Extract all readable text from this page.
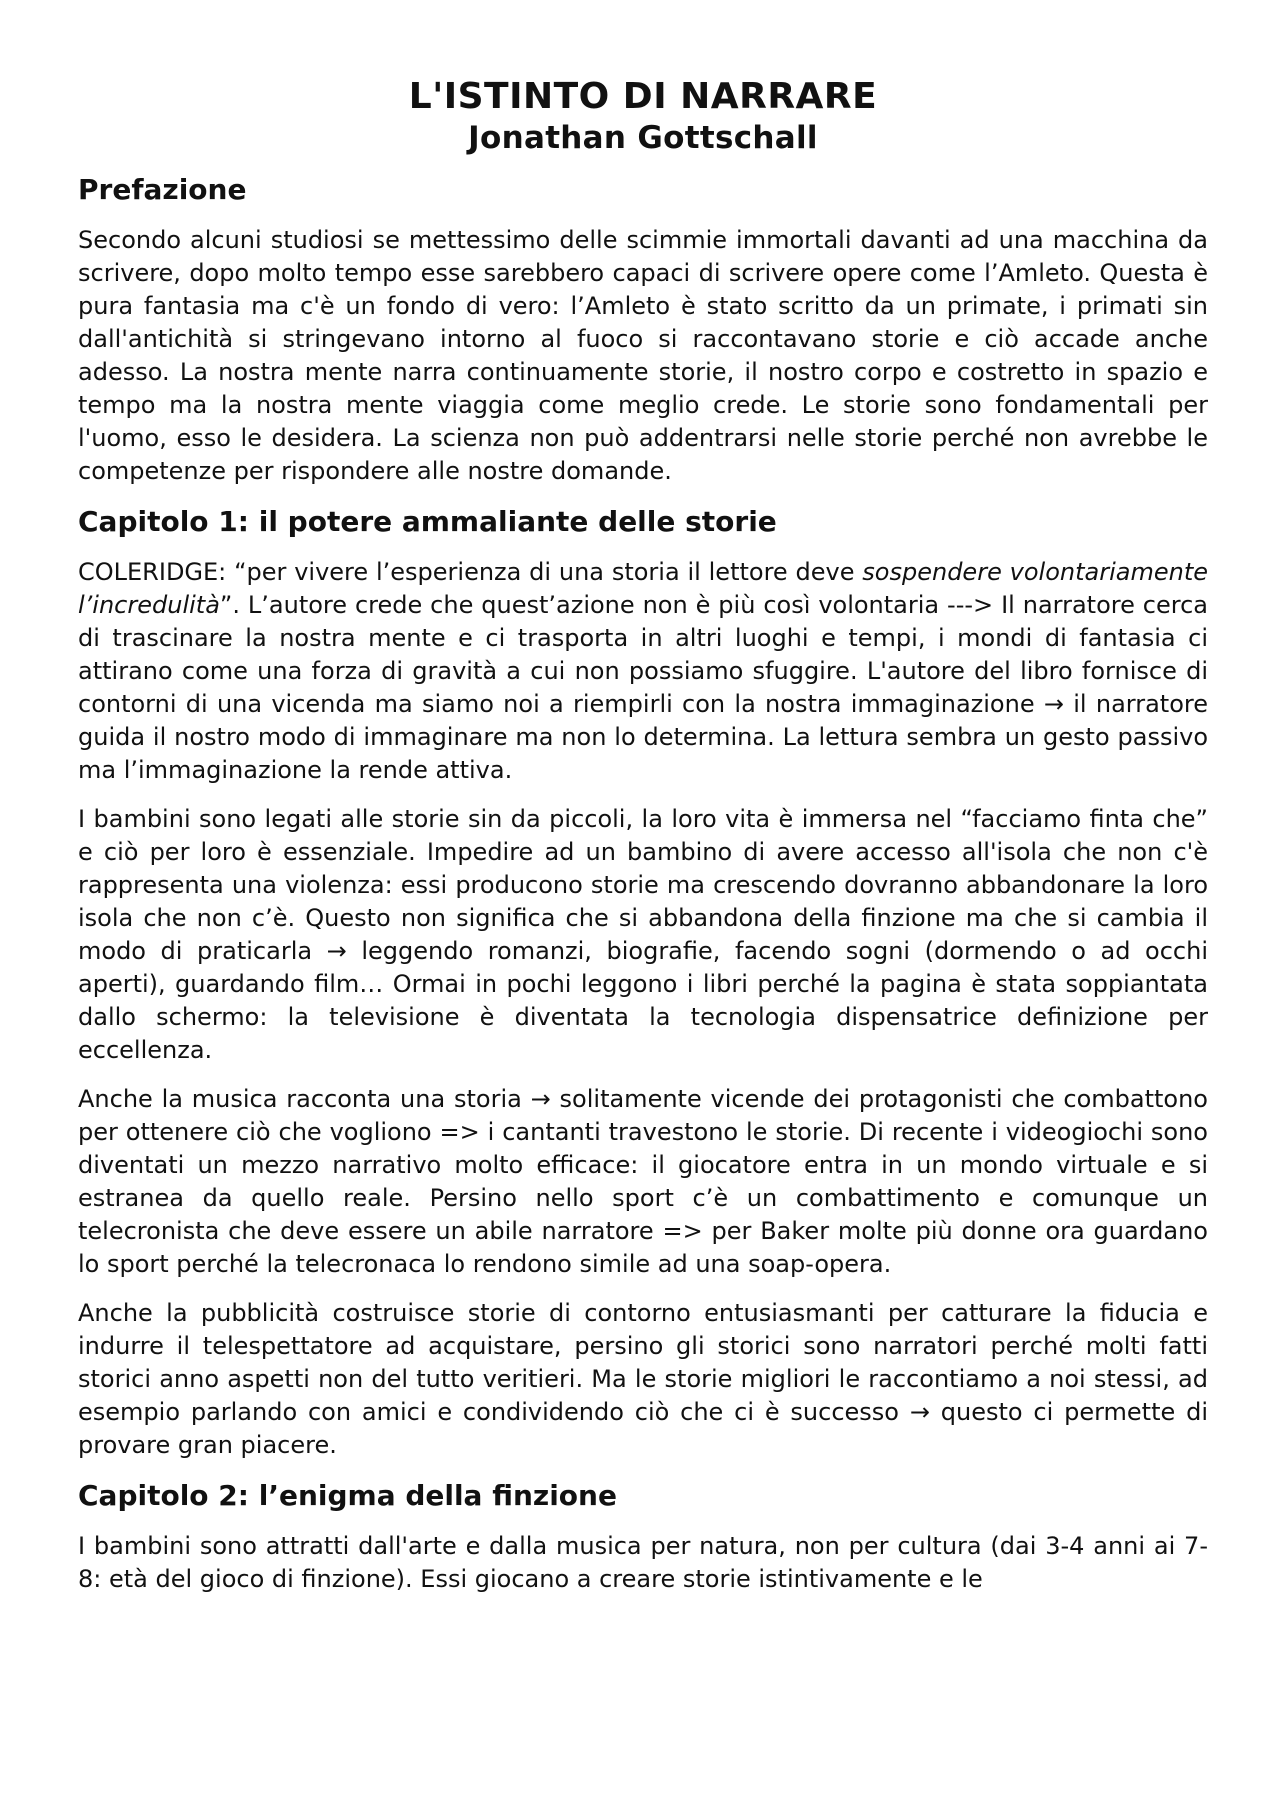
L'ISTINTO DI NARRARE
Jonathan Gottschall
Prefazione

Secondo alcuni studiosi se mettessimo delle scimmie immortali davanti ad una macchina da scrivere, dopo molto tempo esse sarebbero capaci di scrivere opere come l’Amleto. Questa è pura fantasia ma c'è un fondo di vero: l’Amleto è stato scritto da un primate, i primati sin dall'antichità si stringevano intorno al fuoco si raccontavano storie e ciò accade anche adesso. La nostra mente narra continuamente storie, il nostro corpo e costretto in spazio e tempo ma la nostra mente viaggia come meglio crede. Le storie sono fondamentali per l'uomo, esso le desidera. La scienza non può addentrarsi nelle storie perché non avrebbe le competenze per rispondere alle nostre domande.

Capitolo 1: il potere ammaliante delle storie

COLERIDGE: “per vivere l’esperienza di una storia il lettore deve sospendere volontariamente l’incredulità”. L’autore crede che quest’azione non è più così volontaria ---> Il narratore cerca di trascinare la nostra mente e ci trasporta in altri luoghi e tempi, i mondi di fantasia ci attirano come una forza di gravità a cui non possiamo sfuggire. L'autore del libro fornisce di contorni di una vicenda ma siamo noi a riempirli con la nostra immaginazione → il narratore guida il nostro modo di immaginare ma non lo determina. La lettura sembra un gesto passivo ma l’immaginazione la rende attiva.

I bambini sono legati alle storie sin da piccoli, la loro vita è immersa nel “facciamo finta che” e ciò per loro è essenziale. Impedire ad un bambino di avere accesso all'isola che non c'è rappresenta una violenza: essi producono storie ma crescendo dovranno abbandonare la loro isola che non c’è. Questo non significa che si abbandona della finzione ma che si cambia il modo di praticarla → leggendo romanzi, biografie, facendo sogni (dormendo o ad occhi aperti), guardando film… Ormai in pochi leggono i libri perché la pagina è stata soppiantata dallo schermo: la televisione è diventata la tecnologia dispensatrice definizione per eccellenza.

Anche la musica racconta una storia → solitamente vicende dei protagonisti che combattono per ottenere ciò che vogliono => i cantanti travestono le storie. Di recente i videogiochi sono diventati un mezzo narrativo molto efficace: il giocatore entra in un mondo virtuale e si estranea da quello reale. Persino nello sport c’è un combattimento e comunque un telecronista che deve essere un abile narratore => per Baker molte più donne ora guardano lo sport perché la telecronaca lo rendono simile ad una soap-opera.

Anche la pubblicità costruisce storie di contorno entusiasmanti per catturare la fiducia e indurre il telespettatore ad acquistare, persino gli storici sono narratori perché molti fatti storici anno aspetti non del tutto veritieri. Ma le storie migliori le raccontiamo a noi stessi, ad esempio parlando con amici e condividendo ciò che ci è successo → questo ci permette di provare gran piacere.

Capitolo 2: l’enigma della finzione

I bambini sono attratti dall'arte e dalla musica per natura, non per cultura (dai 3-4 anni ai 7-8: età del gioco di finzione). Essi giocano a creare storie istintivamente e le
